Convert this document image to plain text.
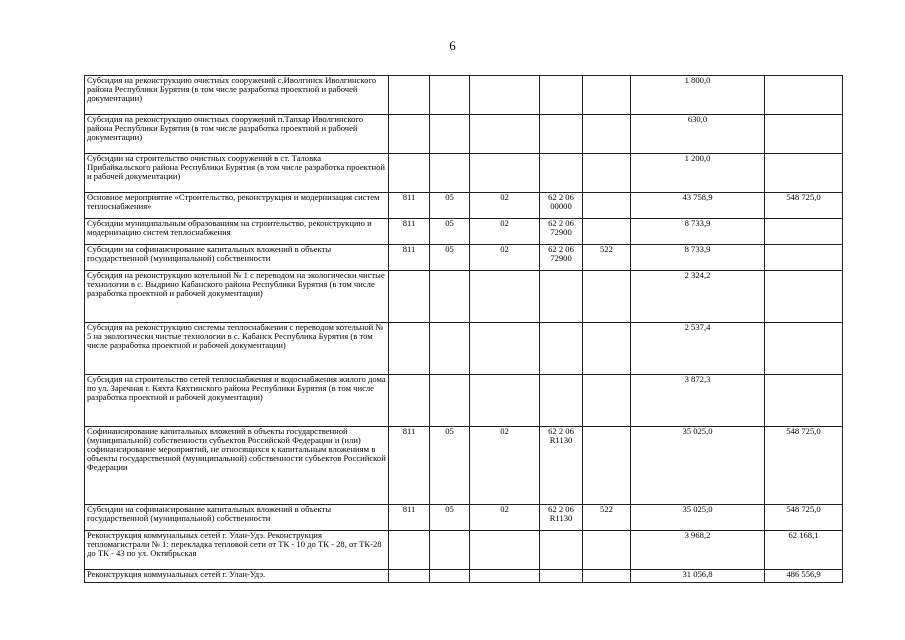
6
Субсидия на реконструкцию очистных сооружений с.Иволгинск Иволгинского района Республики Бурятия (в том числе разработка проектной и рабочей документации)						1 800,0	
Субсидия на реконструкцию очистных сооружений п.Тапхар Иволгинского района Республики Бурятия (в том числе разработка проектной и рабочей документации)						630,0	
Субсидии на строительство очистных сооружений в ст. Таловка Прибайкальского района Республики Бурятия (в том числе разработка проектной и рабочей документации)						1 200,0	
Основное мероприятие «Строительство, реконструкция и модернизация систем теплоснабжения»	811	05	02	62 2 06
00000		43 758,9	548 725,0
Субсидии муниципальным образованиям на строительство, реконструкцию и модернизацию систем теплоснабжения	811	05	02	62 2 06
72900		8 733,9	
Субсидии на софинансирование капитальных вложений в объекты государственной (муниципальной) собственности	811	05	02	62 2 06
72900	522	8 733,9	
Субсидия на реконструкцию котельной № 1 с переводом на экологически чистые технологии в с. Выдрино Кабанского района Республики Бурятия (в том числе разработка проектной и рабочей документации)						2 324,2	
Субсидия на реконструкцию системы теплоснабжения с переводом котельной № 5 на экологически чистые технологии в с. Кабанск Республика Бурятия (в том числе разработка проектной и рабочей документации)						2 537,4	
Субсидия на строительство сетей теплоснабжения и водоснабжения жилого дома по ул. Заречная г. Кяхта Кяхтинского района Республики Бурятия (в том числе разработка проектной и рабочей документации)						3 872,3	
Софинансирование капитальных вложений в объекты государственной (муниципальной) собственности субъектов Российской Федерации и (или) софинансирование мероприятий, не относящихся к капитальным вложениям в объекты государственной (муниципальной) собственности субъектов Российской Федерации	811	05	02	62 2 06
R1130		35 025,0	548 725,0
Субсидии на софинансирование капитальных вложений в объекты государственной (муниципальной) собственности	811	05	02	62 2 06
R1130	522	35 025,0	548 725,0
Реконструкция коммунальных сетей г. Улан-Удэ. Реконструкция тепломагистрали № 1: перекладка тепловой сети от ТК - 10 до ТК - 28, от ТК-28 до ТК - 43 по ул. Октябрьская						3 968,2	62 168,1
Реконструкция коммунальных сетей г. Улан-Удэ.						31 056,8	486 556,9
